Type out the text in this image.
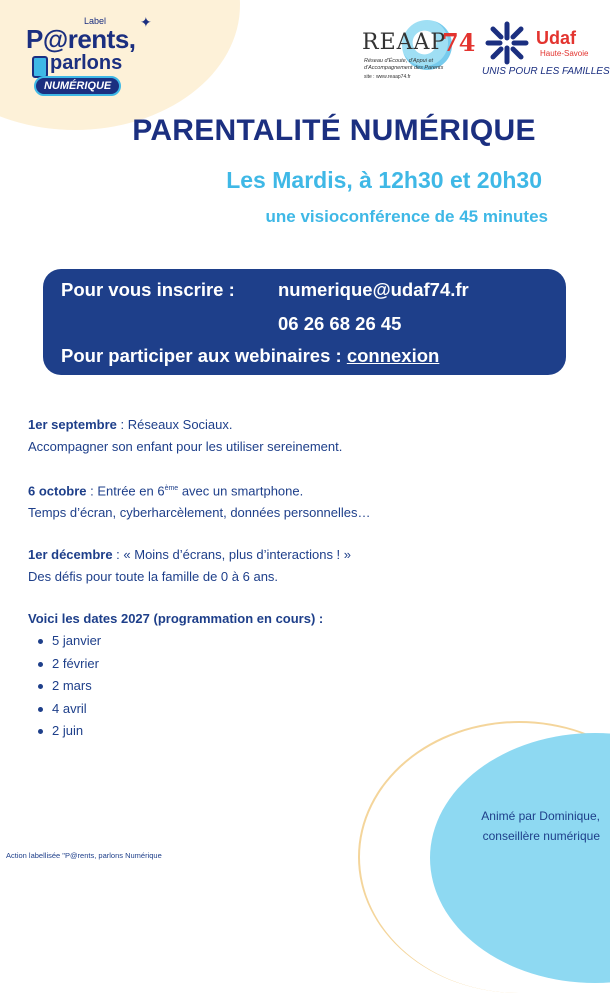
Label ✦
P@rents,
parlons
NUMÉRIQUE
REAAP
74
Réseau d'Écoute, d'Appui et d'Accompagnement des Parents
site : www.reaap74.fr
Udaf
Haute-Savoie
UNIS POUR LES FAMILLES
PARENTALITÉ NUMÉRIQUE
Les Mardis, à 12h30 et 20h30
une visioconférence de 45 minutes
Pour vous inscrire : numerique@udaf74.fr
06 26 68 26 45
Pour participer aux webinaires : connexion
1er septembre : Réseaux Sociaux.
Accompagner son enfant pour les utiliser sereinement.
6 octobre : Entrée en 6ème avec un smartphone.
Temps d’écran, cyberharcèlement, données personnelles…
1er décembre : « Moins d’écrans, plus d’interactions ! »
Des défis pour toute la famille de 0 à 6 ans.
Voici les dates 2027 (programmation en cours) :
5 janvier
2 février
2 mars
4 avril
2 juin
Animé par Dominique,
conseillère numérique
Action labellisée "P@rents, parlons Numérique
